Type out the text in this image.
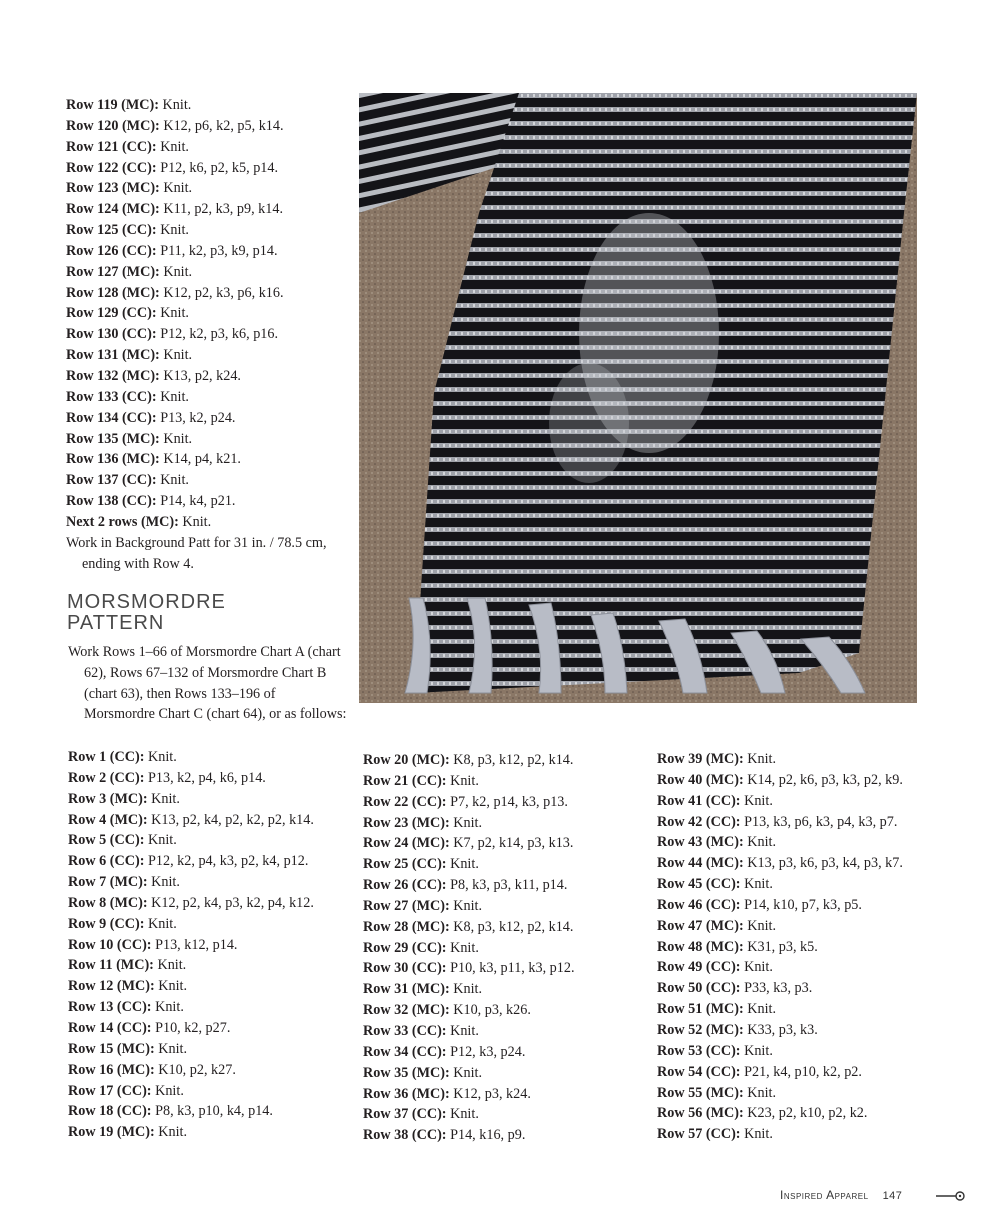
Row 119 (MC): Knit.
Row 120 (MC): K12, p6, k2, p5, k14.
Row 121 (CC): Knit.
Row 122 (CC): P12, k6, p2, k5, p14.
Row 123 (MC): Knit.
Row 124 (MC): K11, p2, k3, p9, k14.
Row 125 (CC): Knit.
Row 126 (CC): P11, k2, p3, k9, p14.
Row 127 (MC): Knit.
Row 128 (MC): K12, p2, k3, p6, k16.
Row 129 (CC): Knit.
Row 130 (CC): P12, k2, p3, k6, p16.
Row 131 (MC): Knit.
Row 132 (MC): K13, p2, k24.
Row 133 (CC): Knit.
Row 134 (CC): P13, k2, p24.
Row 135 (MC): Knit.
Row 136 (MC): K14, p4, k21.
Row 137 (CC): Knit.
Row 138 (CC): P14, k4, p21.
Next 2 rows (MC): Knit.
Work in Background Patt for 31 in. / 78.5 cm, ending with Row 4.
MORSMORDRE
PATTERN
Work Rows 1–66 of Morsmordre Chart A (chart 62), Rows 67–132 of Morsmordre Chart B (chart 63), then Rows 133–196 of Morsmordre Chart C (chart 64), or as follows:
Row 1 (CC): Knit.
Row 2 (CC): P13, k2, p4, k6, p14.
Row 3 (MC): Knit.
Row 4 (MC): K13, p2, k4, p2, k2, p2, k14.
Row 5 (CC): Knit.
Row 6 (CC): P12, k2, p4, k3, p2, k4, p12.
Row 7 (MC): Knit.
Row 8 (MC): K12, p2, k4, p3, k2, p4, k12.
Row 9 (CC): Knit.
Row 10 (CC): P13, k12, p14.
Row 11 (MC): Knit.
Row 12 (MC): Knit.
Row 13 (CC): Knit.
Row 14 (CC): P10, k2, p27.
Row 15 (MC): Knit.
Row 16 (MC): K10, p2, k27.
Row 17 (CC): Knit.
Row 18 (CC): P8, k3, p10, k4, p14.
Row 19 (MC): Knit.
Row 20 (MC): K8, p3, k12, p2, k14.
Row 21 (CC): Knit.
Row 22 (CC): P7, k2, p14, k3, p13.
Row 23 (MC): Knit.
Row 24 (MC): K7, p2, k14, p3, k13.
Row 25 (CC): Knit.
Row 26 (CC): P8, k3, p3, k11, p14.
Row 27 (MC): Knit.
Row 28 (MC): K8, p3, k12, p2, k14.
Row 29 (CC): Knit.
Row 30 (CC): P10, k3, p11, k3, p12.
Row 31 (MC): Knit.
Row 32 (MC): K10, p3, k26.
Row 33 (CC): Knit.
Row 34 (CC): P12, k3, p24.
Row 35 (MC): Knit.
Row 36 (MC): K12, p3, k24.
Row 37 (CC): Knit.
Row 38 (CC): P14, k16, p9.
Row 39 (MC): Knit.
Row 40 (MC): K14, p2, k6, p3, k3, p2, k9.
Row 41 (CC): Knit.
Row 42 (CC): P13, k3, p6, k3, p4, k3, p7.
Row 43 (MC): Knit.
Row 44 (MC): K13, p3, k6, p3, k4, p3, k7.
Row 45 (CC): Knit.
Row 46 (CC): P14, k10, p7, k3, p5.
Row 47 (MC): Knit.
Row 48 (MC): K31, p3, k5.
Row 49 (CC): Knit.
Row 50 (CC): P33, k3, p3.
Row 51 (MC): Knit.
Row 52 (MC): K33, p3, k3.
Row 53 (CC): Knit.
Row 54 (CC): P21, k4, p10, k2, p2.
Row 55 (MC): Knit.
Row 56 (MC): K23, p2, k10, p2, k2.
Row 57 (CC): Knit.
Inspired Apparel 147
